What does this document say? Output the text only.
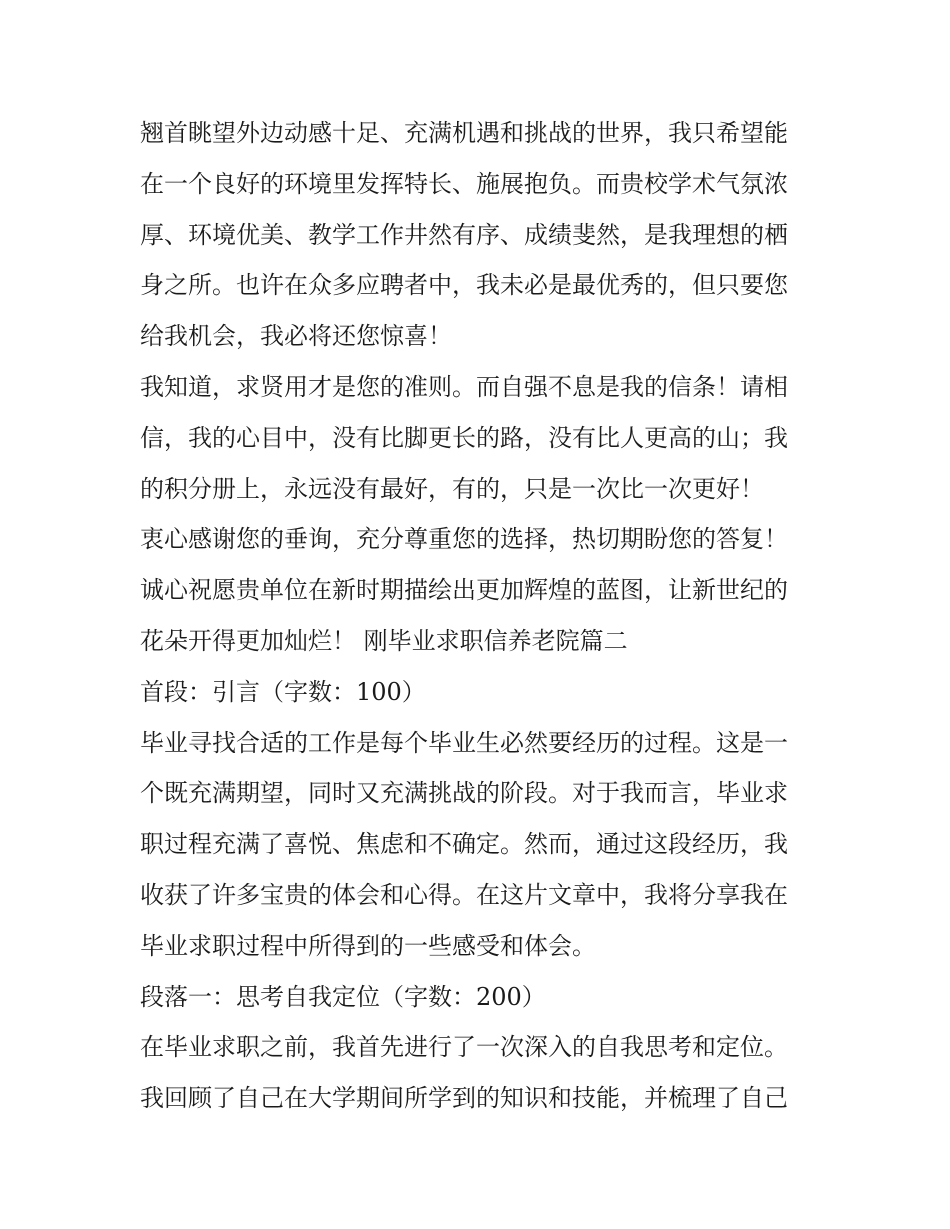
翘首眺望外边动感十足、充满机遇和挑战的世界，我只希望能
在一个良好的环境里发挥特长、施展抱负。而贵校学术气氛浓
厚、环境优美、教学工作井然有序、成绩斐然，是我理想的栖
身之所。也许在众多应聘者中，我未必是最优秀的，但只要您
给我机会，我必将还您惊喜！
我知道，求贤用才是您的准则。而自强不息是我的信条！请相
信，我的心目中，没有比脚更长的路，没有比人更高的山；我
的积分册上，永远没有最好，有的，只是一次比一次更好！
衷心感谢您的垂询，充分尊重您的选择，热切期盼您的答复！
诚心祝愿贵单位在新时期描绘出更加辉煌的蓝图，让新世纪的
花朵开得更加灿烂！ 刚毕业求职信养老院篇二
首段：引言（字数：100）
毕业寻找合适的工作是每个毕业生必然要经历的过程。这是一
个既充满期望，同时又充满挑战的阶段。对于我而言，毕业求
职过程充满了喜悦、焦虑和不确定。然而，通过这段经历，我
收获了许多宝贵的体会和心得。在这片文章中，我将分享我在
毕业求职过程中所得到的一些感受和体会。
段落一：思考自我定位（字数：200）
在毕业求职之前，我首先进行了一次深入的自我思考和定位。
我回顾了自己在大学期间所学到的知识和技能，并梳理了自己
